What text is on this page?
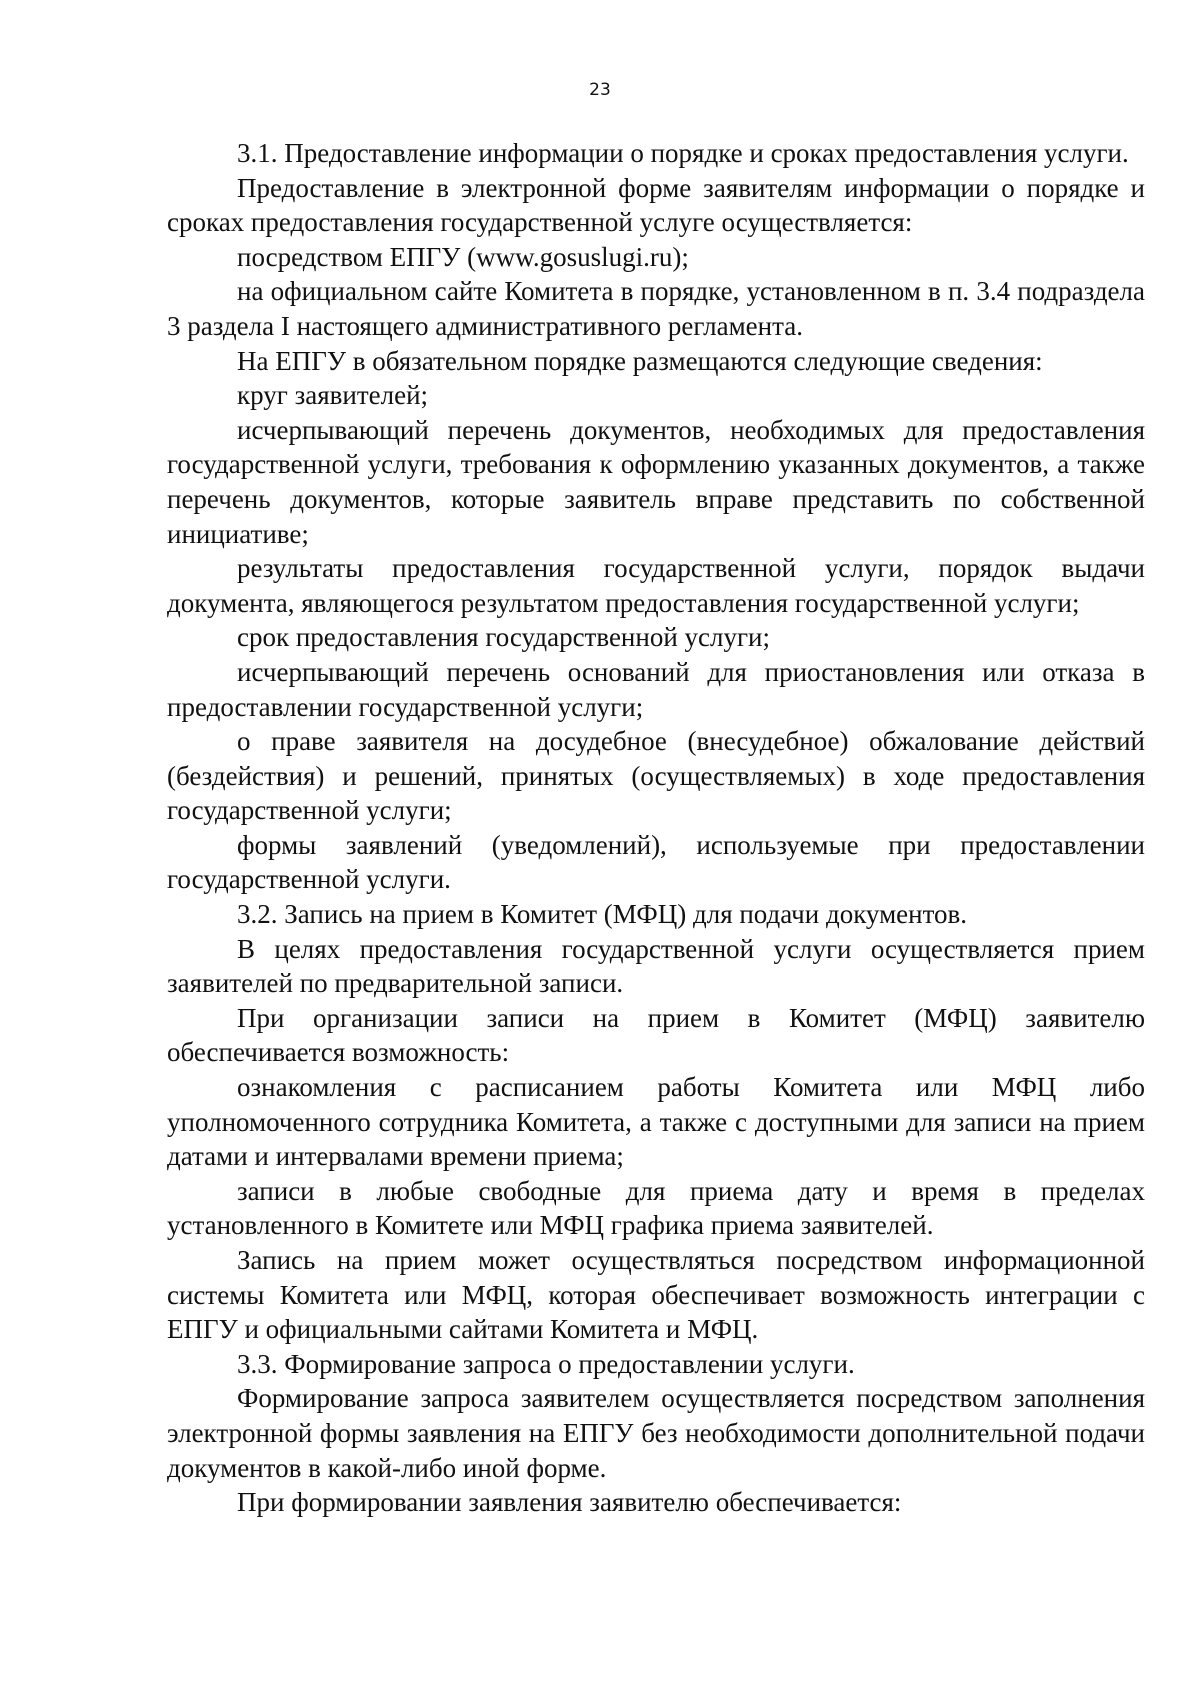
23

3.1. Предоставление информации о порядке и сроках предоставления услуги.

Предоставление в электронной форме заявителям информации о порядке и сроках предоставления государственной услуге осуществляется:

посредством ЕПГУ (www.gosuslugi.ru);

на официальном сайте Комитета в порядке, установленном в п. 3.4 подраздела 3 раздела I настоящего административного регламента.

На ЕПГУ в обязательном порядке размещаются следующие сведения:

круг заявителей;

исчерпывающий перечень документов, необходимых для предоставления государственной услуги, требования к оформлению указанных документов, а также перечень документов, которые заявитель вправе представить по собственной инициативе;

результаты предоставления государственной услуги, порядок выдачи документа, являющегося результатом предоставления государственной услуги;

срок предоставления государственной услуги;

исчерпывающий перечень оснований для приостановления или отказа в предоставлении государственной услуги;

о праве заявителя на досудебное (внесудебное) обжалование действий (бездействия) и решений, принятых (осуществляемых) в ходе предоставления государственной услуги;

формы заявлений (уведомлений), используемые при предоставлении государственной услуги.

3.2. Запись на прием в Комитет (МФЦ) для подачи документов.

В целях предоставления государственной услуги осуществляется прием заявителей по предварительной записи.

При организации записи на прием в Комитет (МФЦ) заявителю обеспечивается возможность:

ознакомления с расписанием работы Комитета или МФЦ либо уполномоченного сотрудника Комитета, а также с доступными для записи на прием датами и интервалами времени приема;

записи в любые свободные для приема дату и время в пределах установленного в Комитете или МФЦ графика приема заявителей.

Запись на прием может осуществляться посредством информационной системы Комитета или МФЦ, которая обеспечивает возможность интеграции с ЕПГУ и официальными сайтами Комитета и МФЦ.

3.3. Формирование запроса о предоставлении услуги.

Формирование запроса заявителем осуществляется посредством заполнения электронной формы заявления на ЕПГУ без необходимости дополнительной подачи документов в какой-либо иной форме.

При формировании заявления заявителю обеспечивается:
